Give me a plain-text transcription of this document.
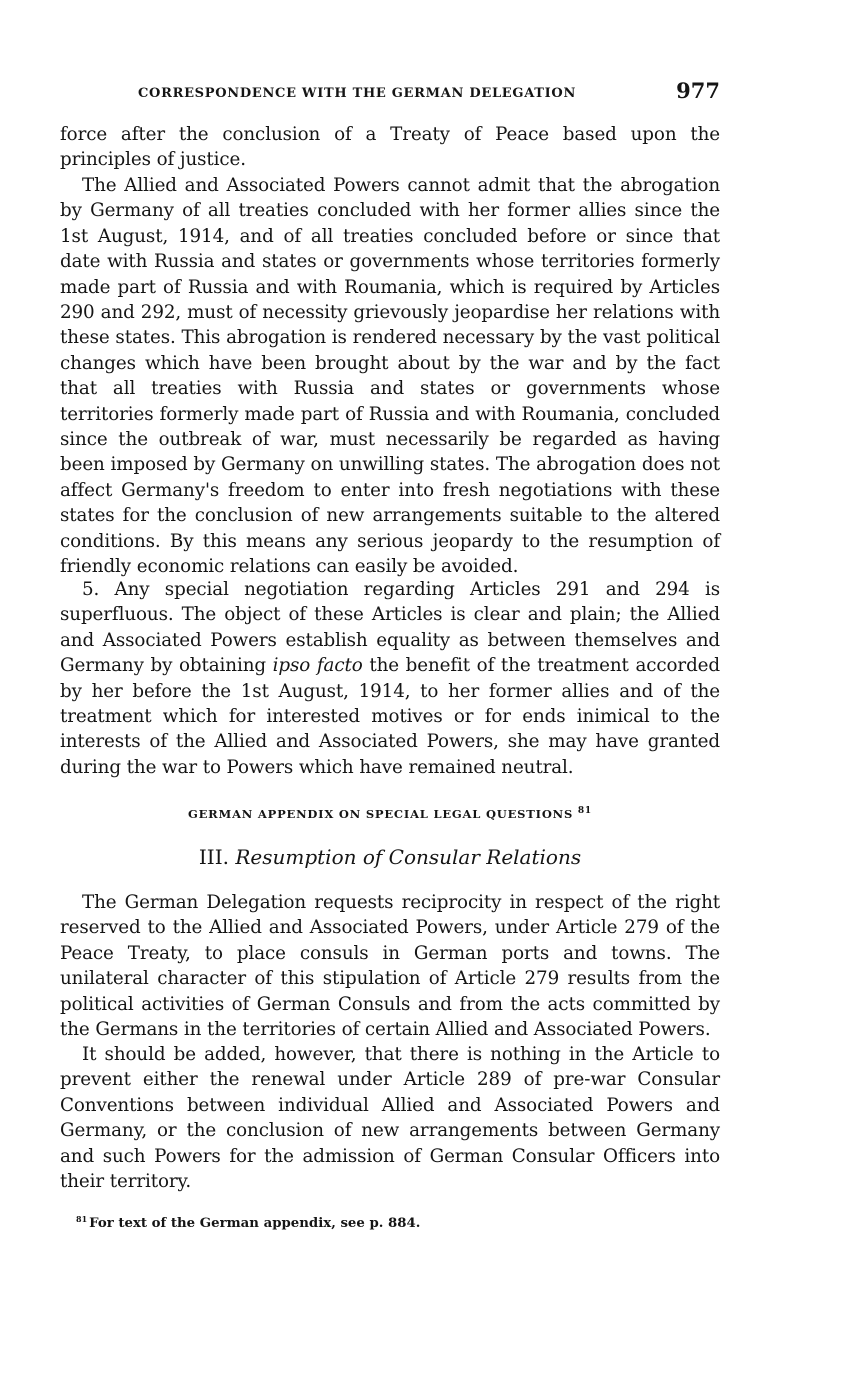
CORRESPONDENCE WITH THE GERMAN DELEGATION	977

force after the conclusion of a Treaty of Peace based upon the principles of justice.

The Allied and Associated Powers cannot admit that the abrogation by Germany of all treaties concluded with her former allies since the 1st August, 1914, and of all treaties concluded before or since that date with Russia and states or governments whose territories formerly made part of Russia and with Roumania, which is required by Articles 290 and 292, must of necessity grievously jeopardise her relations with these states. This abrogation is rendered necessary by the vast political changes which have been brought about by the war and by the fact that all treaties with Russia and states or governments whose territories formerly made part of Russia and with Roumania, concluded since the outbreak of war, must necessarily be regarded as having been imposed by Germany on unwilling states. The abrogation does not affect Germany's freedom to enter into fresh negotiations with these states for the conclusion of new arrangements suitable to the altered conditions. By this means any serious jeopardy to the resumption of friendly economic relations can easily be avoided.

5. Any special negotiation regarding Articles 291 and 294 is superfluous. The object of these Articles is clear and plain; the Allied and Associated Powers establish equality as between themselves and Germany by obtaining ipso facto the benefit of the treatment accorded by her before the 1st August, 1914, to her former allies and of the treatment which for interested motives or for ends inimical to the interests of the Allied and Associated Powers, she may have granted during the war to Powers which have remained neutral.

GERMAN APPENDIX ON SPECIAL LEGAL QUESTIONS $^{81}$
III. Resumption of Consular Relations

The German Delegation requests reciprocity in respect of the right reserved to the Allied and Associated Powers, under Article 279 of the Peace Treaty, to place consuls in German ports and towns. The unilateral character of this stipulation of Article 279 results from the political activities of German Consuls and from the acts committed by the Germans in the territories of certain Allied and Associated Powers.

It should be added, however, that there is nothing in the Article to prevent either the renewal under Article 289 of pre-war Consular Conventions between individual Allied and Associated Powers and Germany, or the conclusion of new arrangements between Germany and such Powers for the admission of German Consular Officers into their territory.

$^{81}$ For text of the German appendix, see p. 884.
